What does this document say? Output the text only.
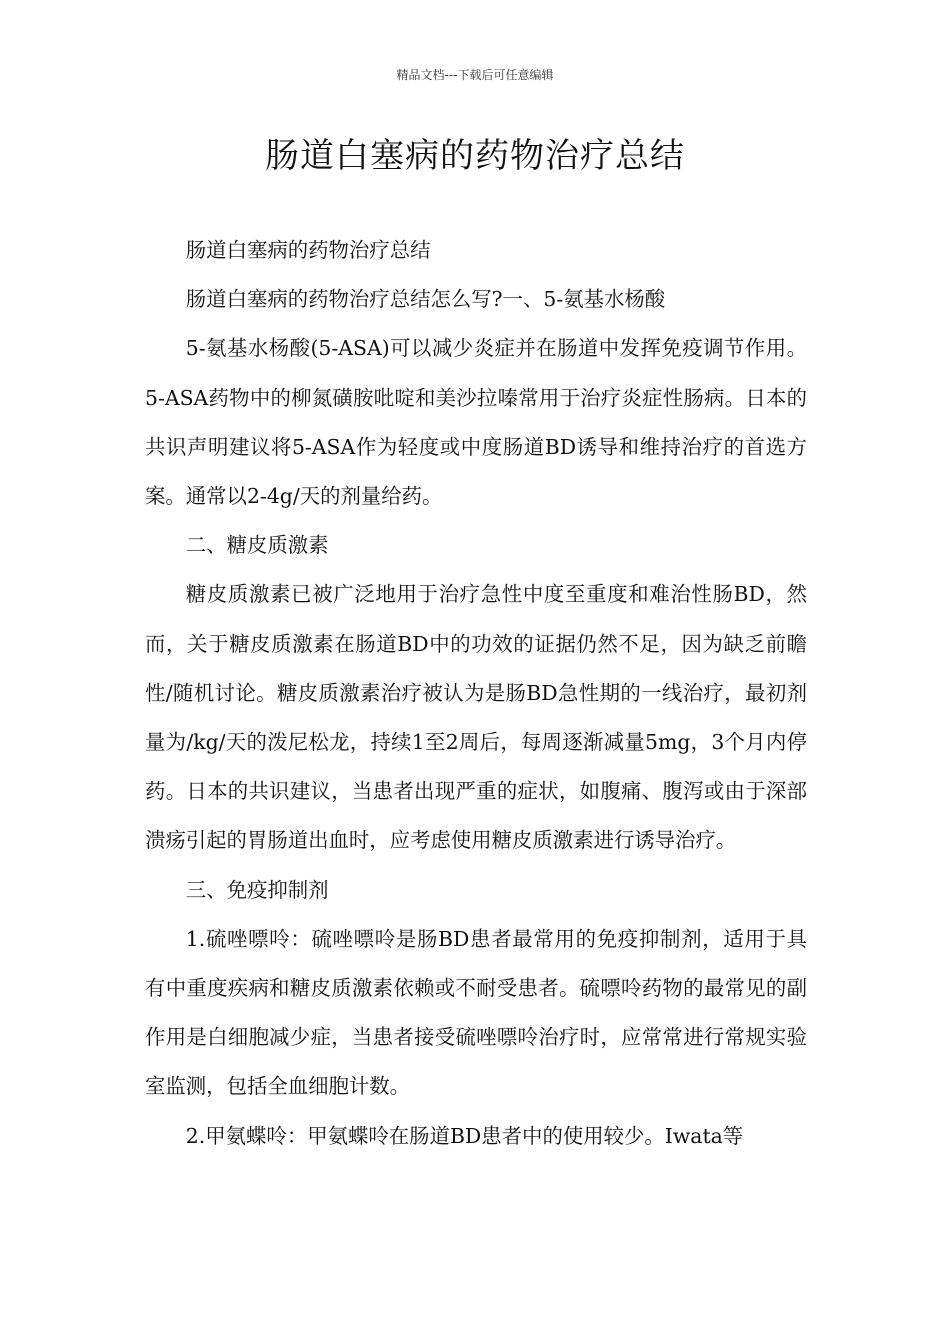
精品文档---下载后可任意编辑
肠道白塞病的药物治疗总结

肠道白塞病的药物治疗总结

肠道白塞病的药物治疗总结怎么写?一、5-氨基水杨酸

5-氨基水杨酸(5-ASA)可以减少炎症并在肠道中发挥免疫调节作用。5-ASA药物中的柳氮磺胺吡啶和美沙拉嗪常用于治疗炎症性肠病。日本的共识声明建议将5-ASA作为轻度或中度肠道BD诱导和维持治疗的首选方案。通常以2-4g/天的剂量给药。

二、糖皮质激素

糖皮质激素已被广泛地用于治疗急性中度至重度和难治性肠BD，然而，关于糖皮质激素在肠道BD中的功效的证据仍然不足，因为缺乏前瞻性/随机讨论。糖皮质激素治疗被认为是肠BD急性期的一线治疗，最初剂量为/kg/天的泼尼松龙，持续1至2周后，每周逐渐减量5mg，3个月内停药。日本的共识建议，当患者出现严重的症状，如腹痛、腹泻或由于深部溃疡引起的胃肠道出血时，应考虑使用糖皮质激素进行诱导治疗。

三、免疫抑制剂

1.硫唑嘌呤：硫唑嘌呤是肠BD患者最常用的免疫抑制剂，适用于具有中重度疾病和糖皮质激素依赖或不耐受患者。硫嘌呤药物的最常见的副作用是白细胞减少症，当患者接受硫唑嘌呤治疗时，应常常进行常规实验室监测，包括全血细胞计数。

2.甲氨蝶呤：甲氨蝶呤在肠道BD患者中的使用较少。Iwata等
